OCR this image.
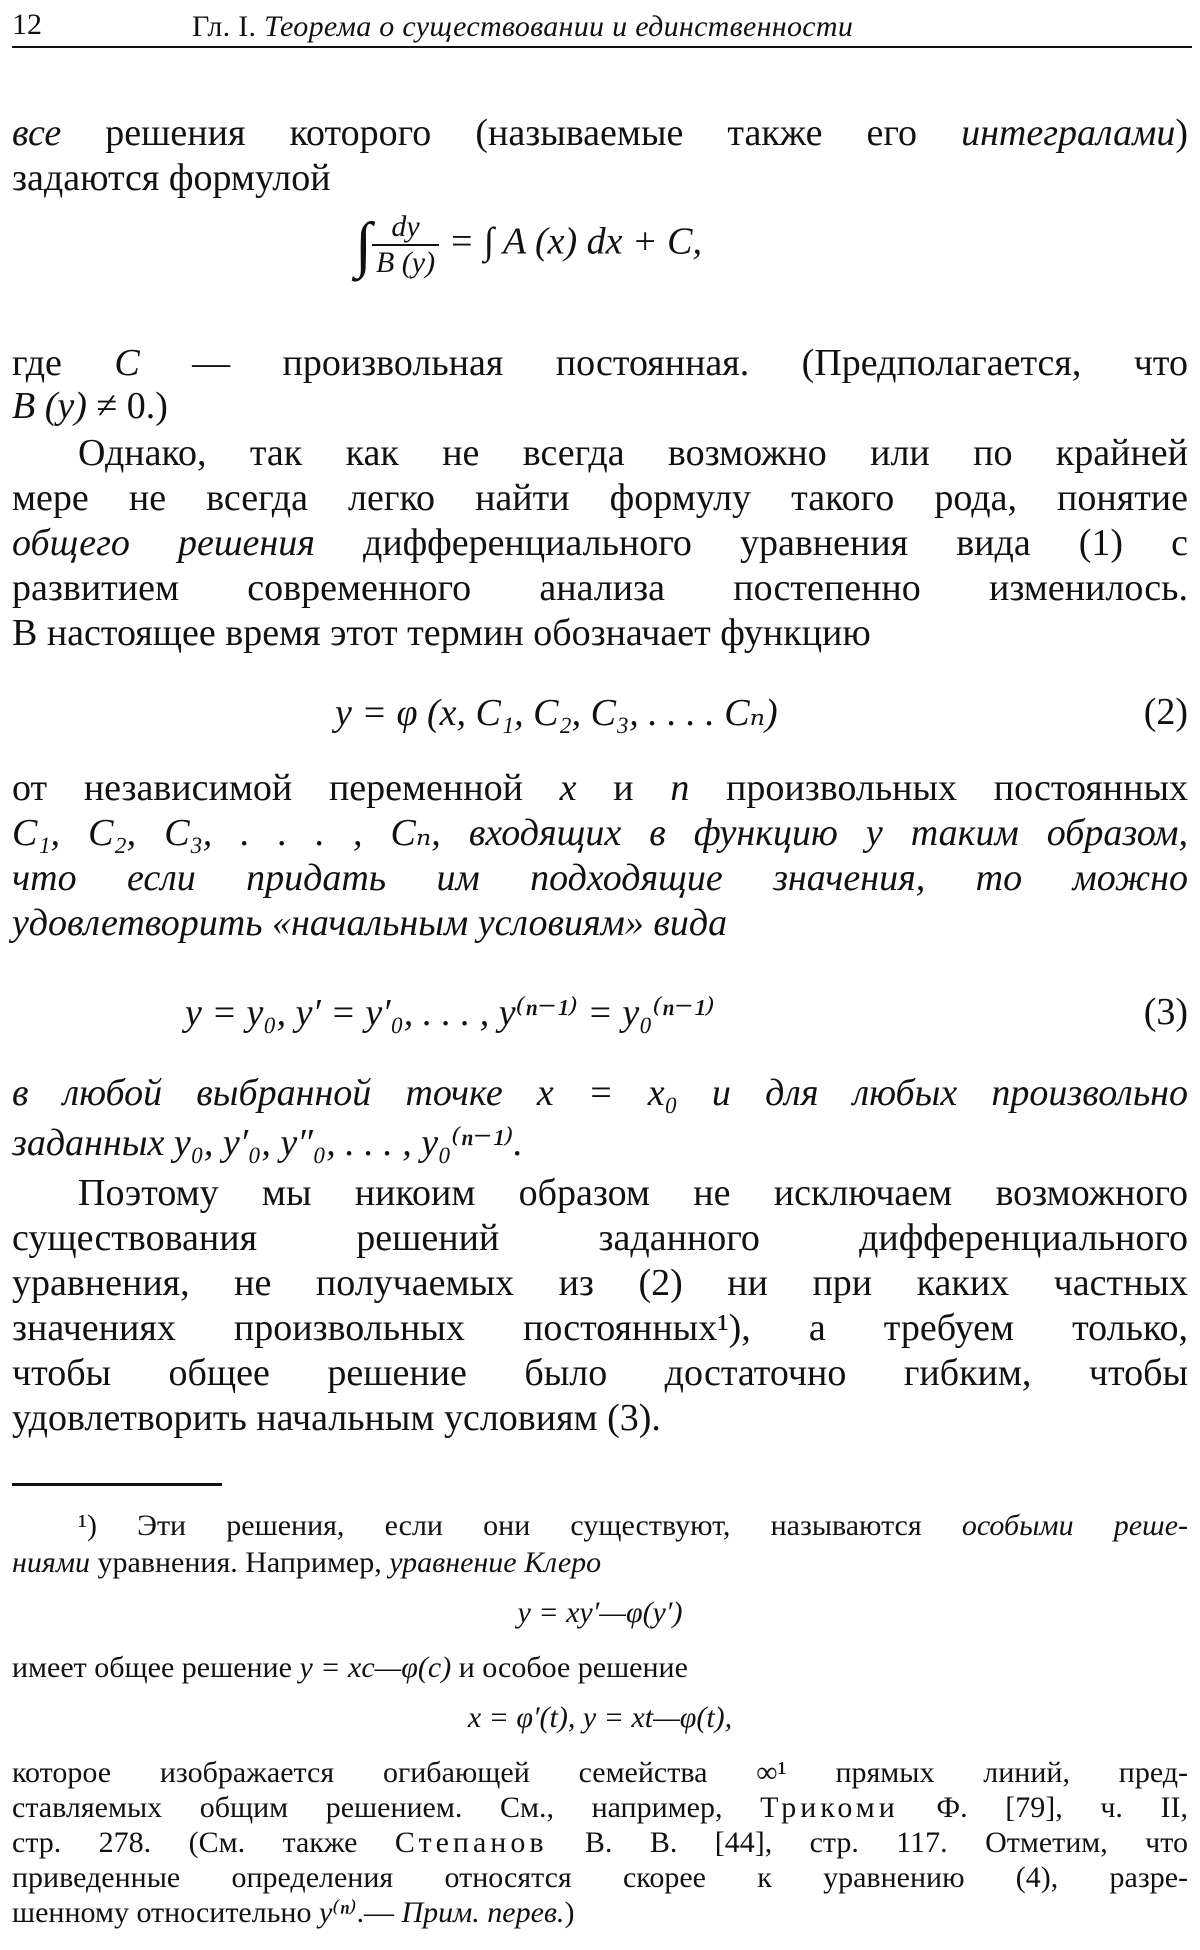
12	Гл. I. Теорема о существовании и единственности
все решения которого (называемые также его интегралами)
задаются формулой
∫ $\frac{dy}{B (y)}$ = ∫ A (x) dx + C,
где C — произвольная постоянная. (Предполагается, что
B (y) ≠ 0.)
Однако, так как не всегда возможно или по крайней
мере не всегда легко найти формулу такого рода, понятие
общего решения дифференциального уравнения вида (1) с
развитием современного анализа постепенно изменилось.
В настоящее время этот термин обозначает функцию
y = φ (x, C₁, C₂, C₃, . . . . Cₙ)	(2)
от независимой переменной x и n произвольных постоянных
C₁, C₂, C₃, . . . , Cₙ, входящих в функцию y таким образом,
что если придать им подходящие значения, то можно
удовлетворить «начальным условиям» вида
y = y₀, y′ = y′₀, . . . , y⁽ⁿ⁻¹⁾ = y₀⁽ⁿ⁻¹⁾	(3)
в любой выбранной точке x = x₀ и для любых произвольно
заданных y₀, y′₀, y″₀, . . . , y₀⁽ⁿ⁻¹⁾.
Поэтому мы никоим образом не исключаем возможного
существования решений заданного дифференциального
уравнения, не получаемых из (2) ни при каких частных
значениях произвольных постоянных¹), а требуем только,
чтобы общее решение было достаточно гибким, чтобы
удовлетворить начальным условиям (3).
¹) Эти решения, если они существуют, называются особыми реше-
ниями уравнения. Например, уравнение Клеро
y = xy′—φ(y′)
имеет общее решение y = xc—φ(c) и особое решение
x = φ′(t), y = xt—φ(t),
которое изображается огибающей семейства ∞¹ прямых линий, пред-
ставляемых общим решением. См., например, Трикоми Ф. [79], ч. II,
стр. 278. (См. также Степанов В. В. [44], стр. 117. Отметим, что
приведенные определения относятся скорее к уравнению (4), разре-
шенному относительно y⁽ⁿ⁾.— Прим. перев.)
